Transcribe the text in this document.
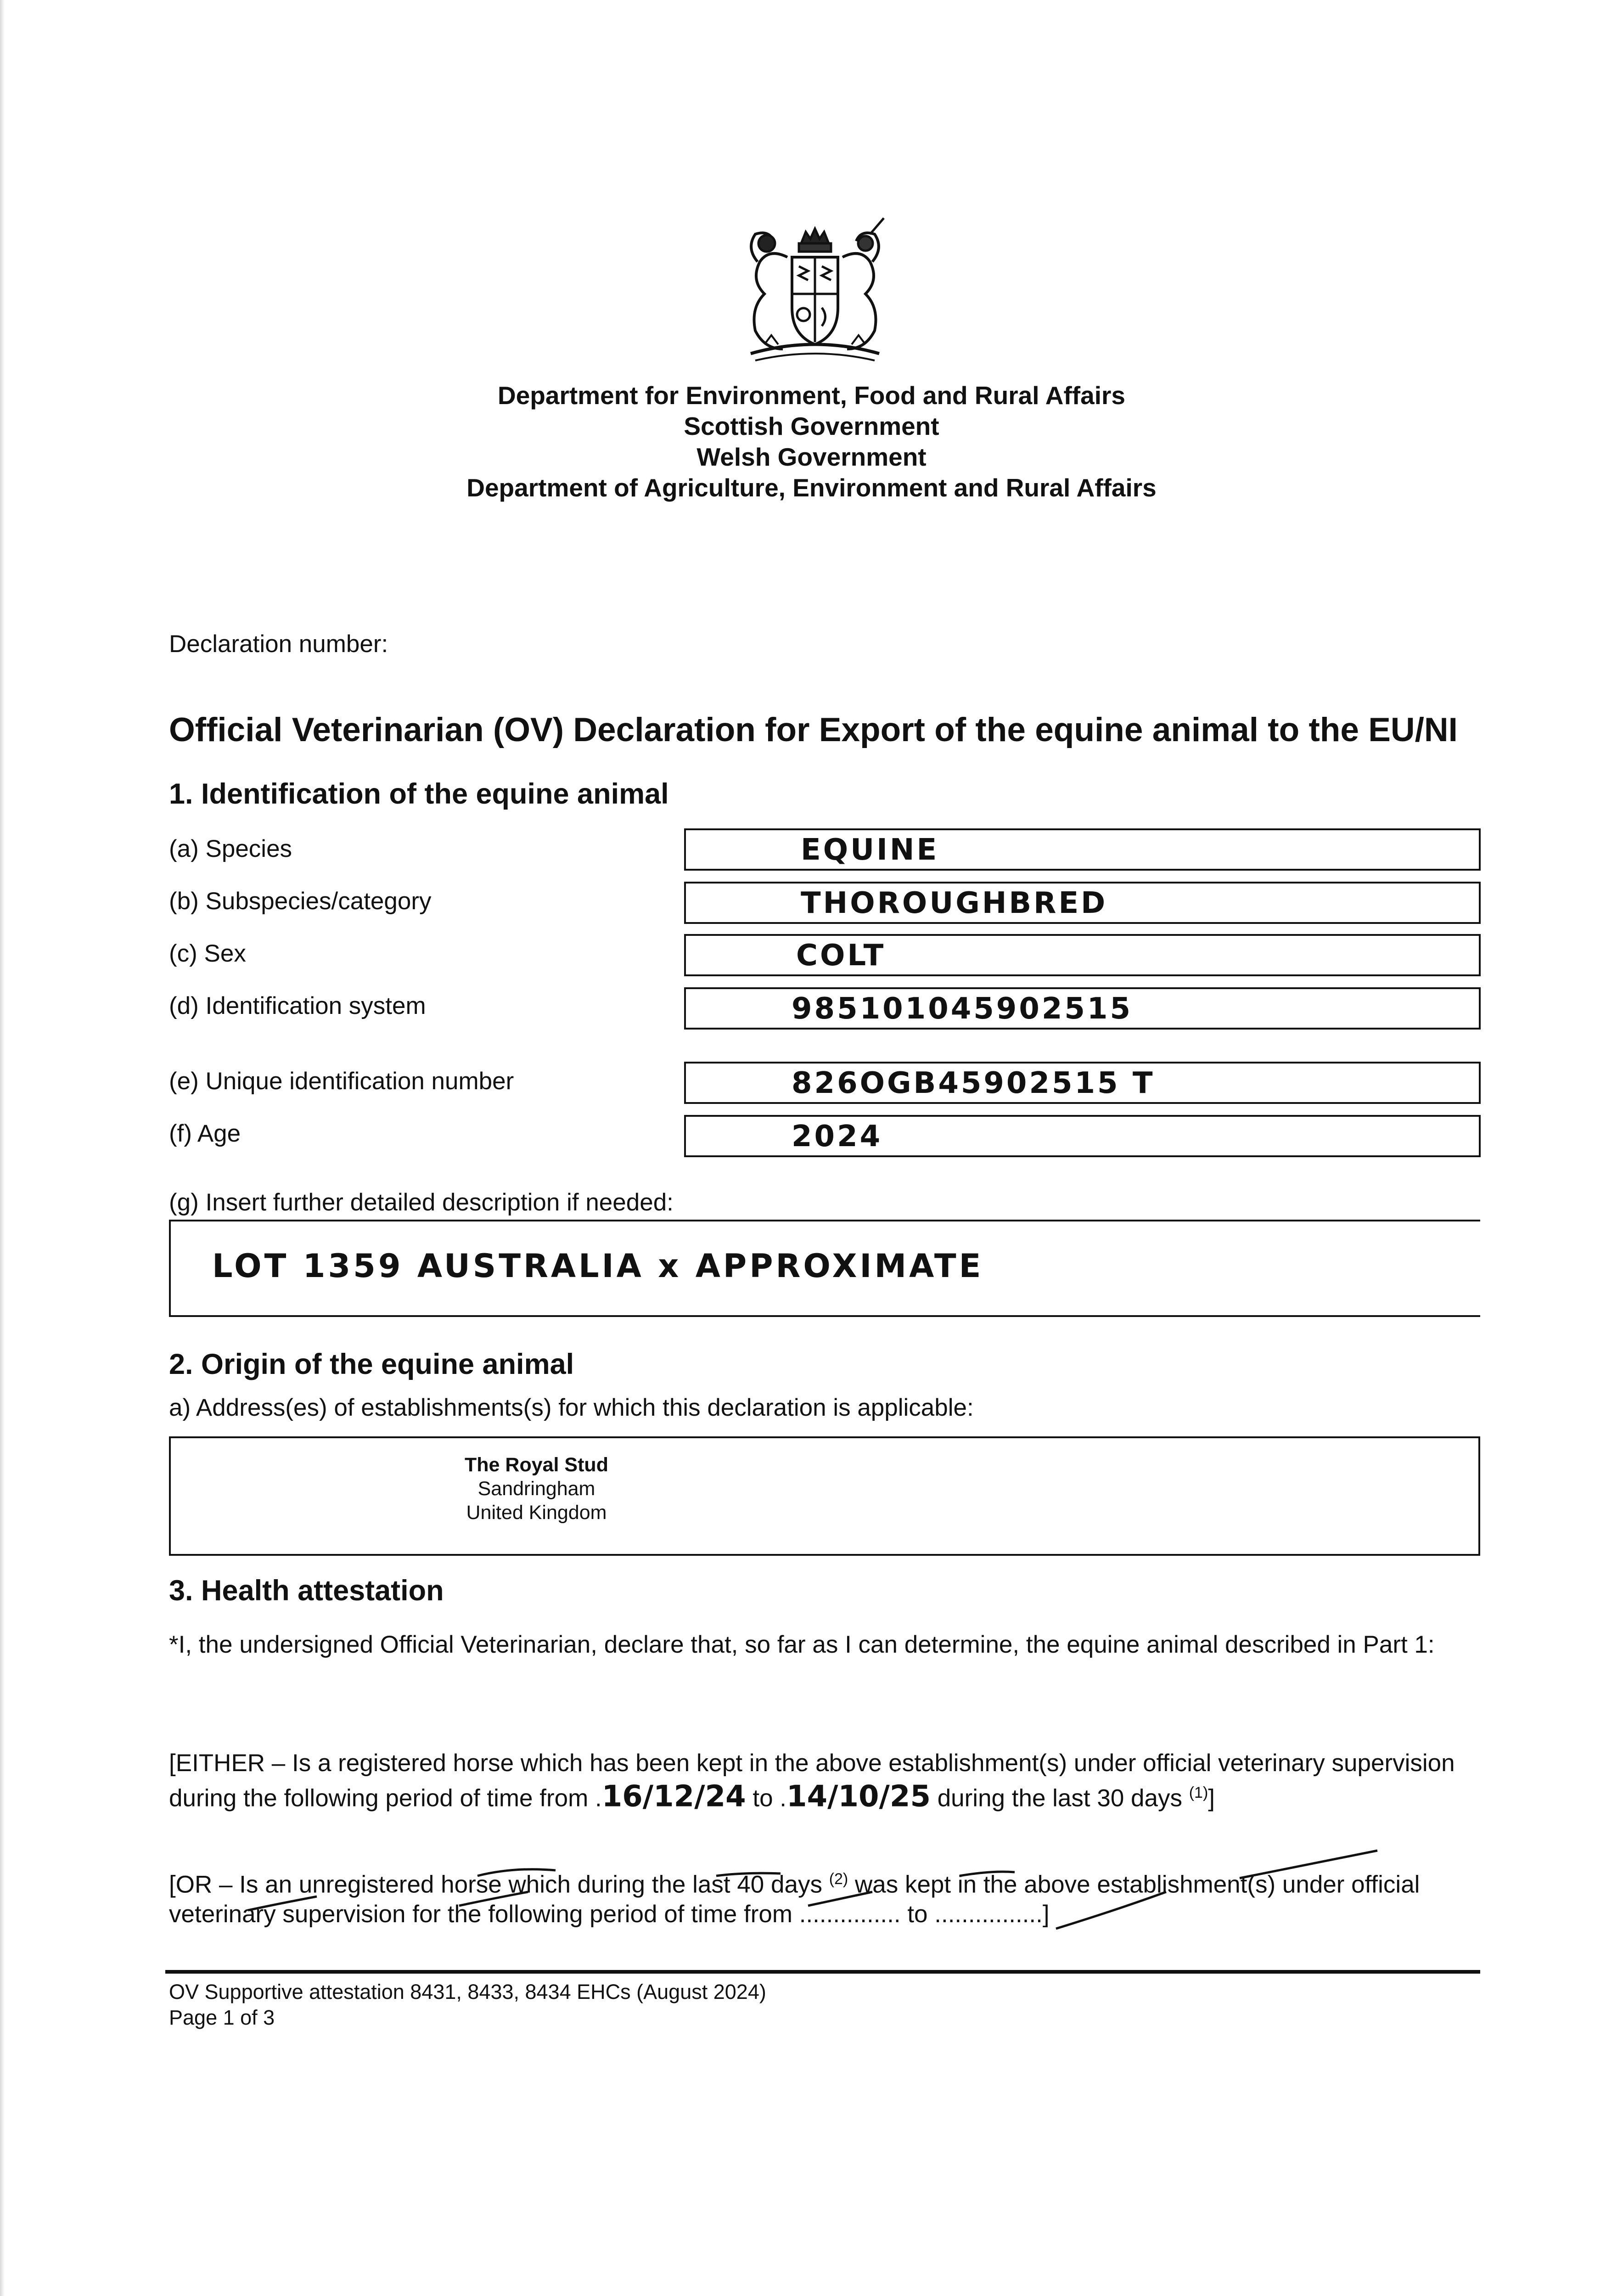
Department for Environment, Food and Rural Affairs
Scottish Government
Welsh Government
Department of Agriculture, Environment and Rural Affairs
Declaration number:
Official Veterinarian (OV) Declaration for Export of the equine animal to the EU/NI
1. Identification of the equine animal
(a) Species	EQUINE
(b) Subspecies/category	THOROUGHBRED
(c) Sex	COLT
(d) Identification system	985101045902515
(e) Unique identification number	826OGB45902515 T
(f) Age	2024
(g) Insert further detailed description if needed:
LOT 1359 AUSTRALIA x APPROXIMATE
2. Origin of the equine animal
a) Address(es) of establishments(s) for which this declaration is applicable:
The Royal Stud
Sandringham
United Kingdom
3. Health attestation
*I, the undersigned Official Veterinarian, declare that, so far as I can determine, the equine animal described in Part 1:
[EITHER – Is a registered horse which has been kept in the above establishment(s) under official veterinary supervision during the following period of time from .16/12/24 to .14/10/25 during the last 30 days $^{(1)}$]
[OR – Is an unregistered horse which during the last 40 days $^{(2)}$ was kept in the above establishment(s) under official veterinary supervision for the following period of time from ............... to ................]
OV Supportive attestation 8431, 8433, 8434 EHCs (August 2024)
Page 1 of 3
